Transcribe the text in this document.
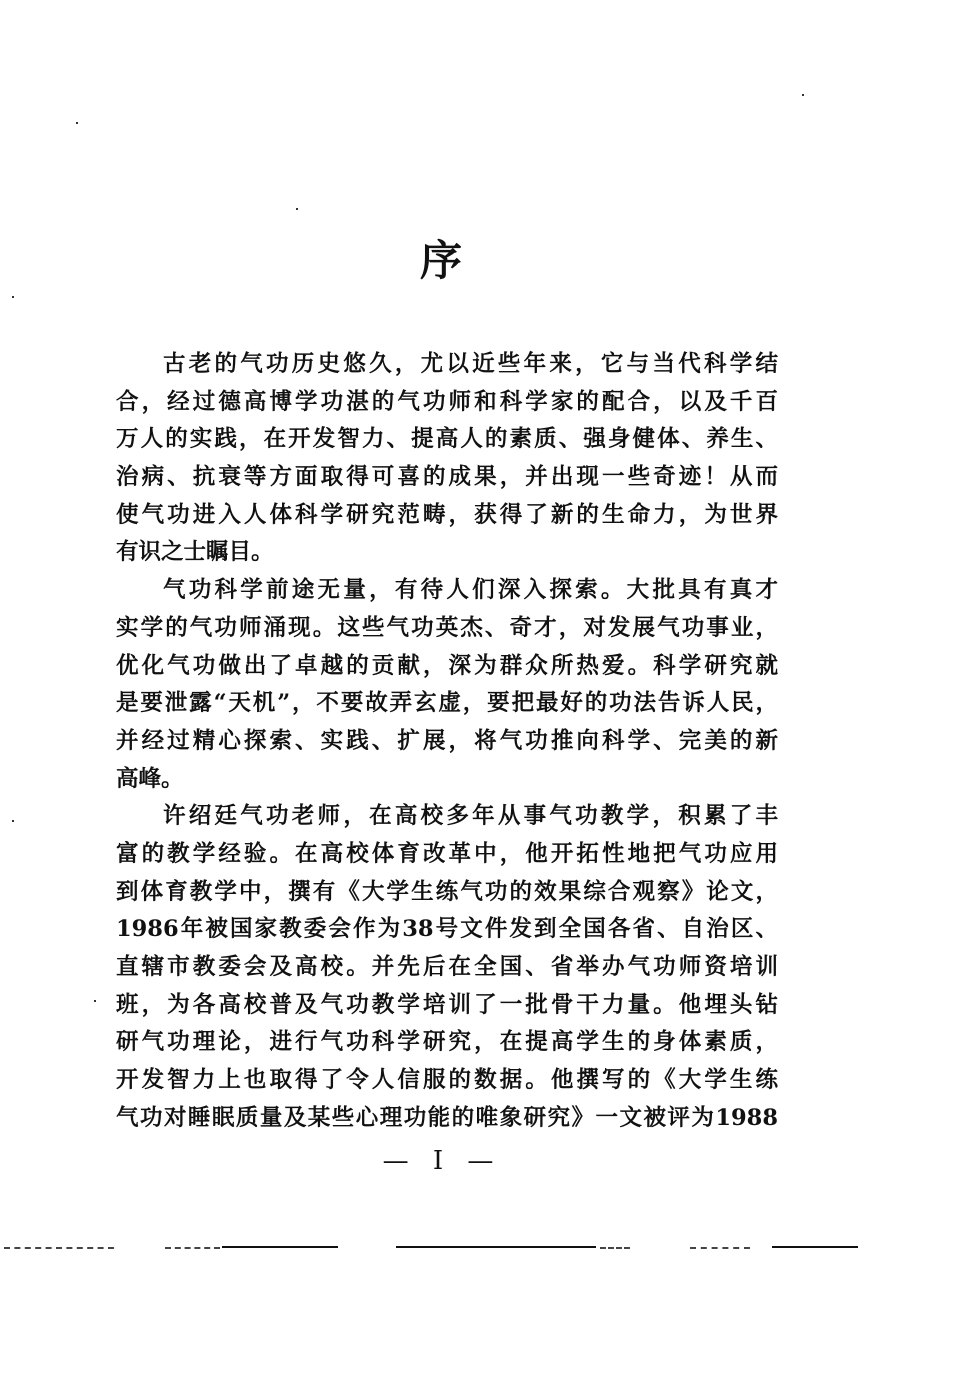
序
古老的气功历史悠久，尤以近些年来，它与当代科学结
合，经过德高博学功湛的气功师和科学家的配合，以及千百
万人的实践，在开发智力、提高人的素质、强身健体、养生、
治病、抗衰等方面取得可喜的成果，并出现一些奇迹！从而
使气功进入人体科学研究范畴，获得了新的生命力，为世界
有识之士瞩目。
气功科学前途无量，有待人们深入探索。大批具有真才
实学的气功师涌现。这些气功英杰、奇才，对发展气功事业，
优化气功做出了卓越的贡献，深为群众所热爱。科学研究就
是要泄露“天机”，不要故弄玄虚，要把最好的功法告诉人民，
并经过精心探索、实践、扩展，将气功推向科学、完美的新
高峰。
许绍廷气功老师，在高校多年从事气功教学，积累了丰
富的教学经验。在高校体育改革中，他开拓性地把气功应用
到体育教学中，撰有《大学生练气功的效果综合观察》论文，
1986年被国家教委会作为38号文件发到全国各省、自治区、
直辖市教委会及高校。并先后在全国、省举办气功师资培训
班，为各高校普及气功教学培训了一批骨干力量。他埋头钻
研气功理论，进行气功科学研究，在提高学生的身体素质，
开发智力上也取得了令人信服的数据。他撰写的《大学生练
气功对睡眠质量及某些心理功能的唯象研究》一文被评为1988
— I —
